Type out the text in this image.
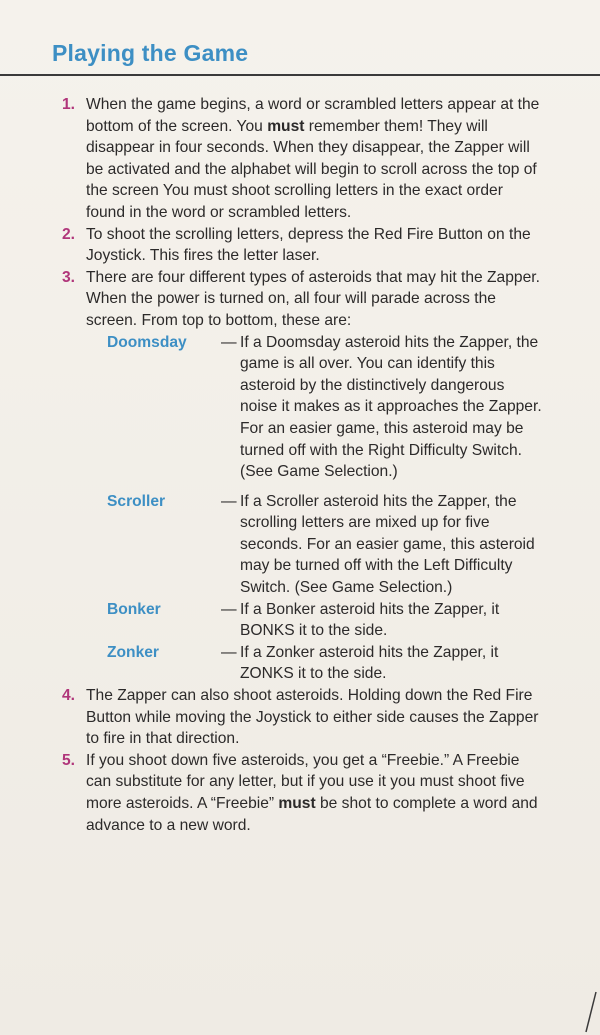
Playing the Game
1. When the game begins, a word or scrambled letters appear at the bottom of the screen. You must remember them! They will disappear in four seconds. When they disappear, the Zapper will be activated and the alphabet will begin to scroll across the top of the screen You must shoot scrolling letters in the exact order found in the word or scrambled letters.
2. To shoot the scrolling letters, depress the Red Fire Button on the Joystick. This fires the letter laser.
3. There are four different types of asteroids that may hit the Zapper. When the power is turned on, all four will parade across the screen. From top to bottom, these are:
Doomsday — If a Doomsday asteroid hits the Zapper, the game is all over. You can identify this asteroid by the distinctively dangerous noise it makes as it approaches the Zapper. For an easier game, this asteroid may be turned off with the Right Difficulty Switch. (See Game Selection.)
Scroller	— If a Scroller asteroid hits the Zapper, the scrolling letters are mixed up for five seconds. For an easier game, this asteroid may be turned off with the Left Difficulty Switch. (See Game Selection.)
Bonker	— If a Bonker asteroid hits the Zapper, it BONKS it to the side.
Zonker	— If a Zonker asteroid hits the Zapper, it ZONKS it to the side.
4. The Zapper can also shoot asteroids. Holding down the Red Fire Button while moving the Joystick to either side causes the Zapper to fire in that direction.
5. If you shoot down five asteroids, you get a “Freebie.” A Freebie can substitute for any letter, but if you use it you must shoot five more asteroids. A “Freebie” must be shot to complete a word and advance to a new word.
